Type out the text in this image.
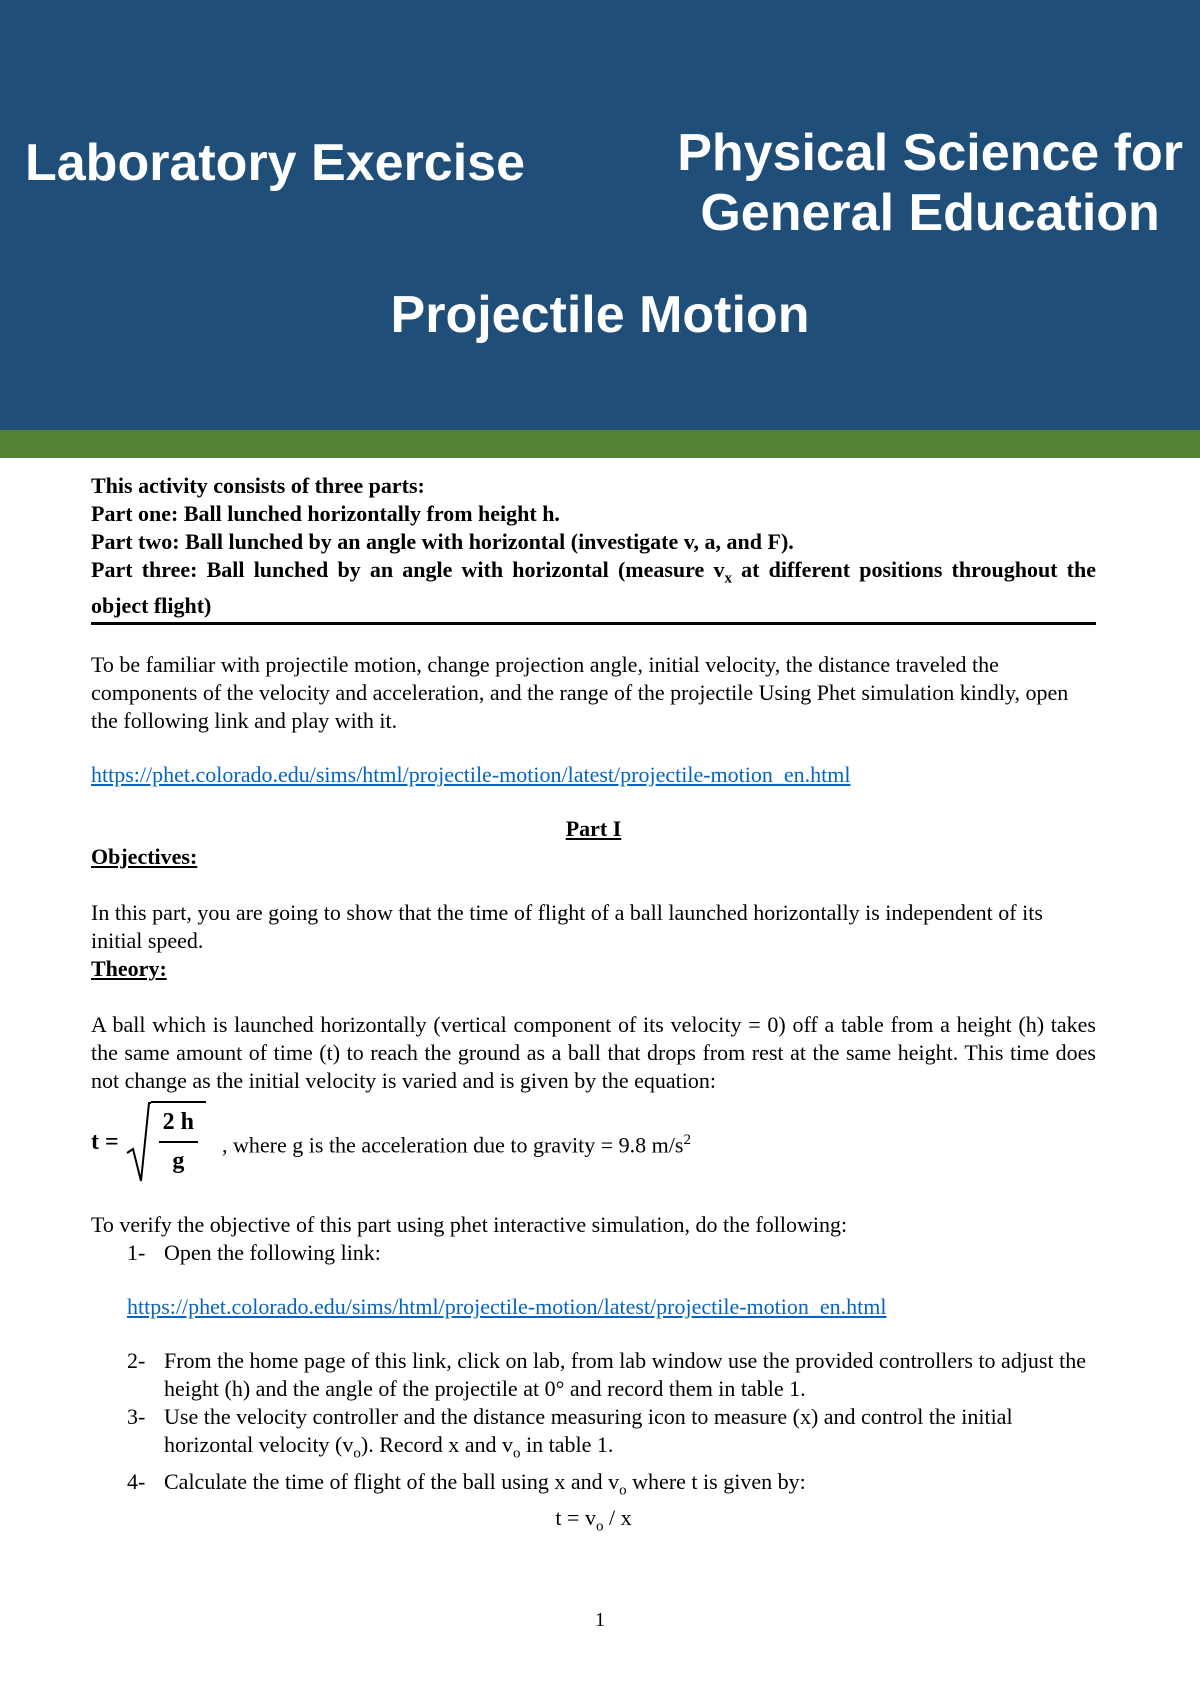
Laboratory Exercise	Physical Science for
General Education
Projectile Motion

This activity consists of three parts:

Part one: Ball lunched horizontally from height h.

Part two: Ball lunched by an angle with horizontal (investigate v, a, and F).

Part three: Ball lunched by an angle with horizontal (measure $v_x$ at different positions throughout the object flight)

To be familiar with projectile motion, change projection angle, initial velocity, the distance traveled the components of the velocity and acceleration, and the range of the projectile Using Phet simulation kindly, open the following link and play with it.

https://phet.colorado.edu/sims/html/projectile-motion/latest/projectile-motion_en.html

Part I

Objectives:

In this part, you are going to show that the time of flight of a ball launched horizontally is independent of its initial speed.

Theory:

A ball which is launched horizontally (vertical component of its velocity = 0) off a table from a height (h) takes the same amount of time (t) to reach the ground as a ball that drops from rest at the same height. This time does not change as the initial velocity is varied and is given by the equation:

$t = \frac{2 h}{g}$ , where g is the acceleration due to gravity = 9.8 $m/s^2$

To verify the objective of this part using phet interactive simulation, do the following:

1- Open the following link:

https://phet.colorado.edu/sims/html/projectile-motion/latest/projectile-motion_en.html

2- From the home page of this link, click on lab, from lab window use the provided controllers to adjust the height (h) and the angle of the projectile at 0° and record them in table 1.
3- Use the velocity controller and the distance measuring icon to measure (x) and control the initial horizontal velocity $(v_o)$. Record x and $v_o$ in table 1.
4- Calculate the time of flight of the ball using x and $v_o$ where t is given by:

$t = v_o / x$

1
